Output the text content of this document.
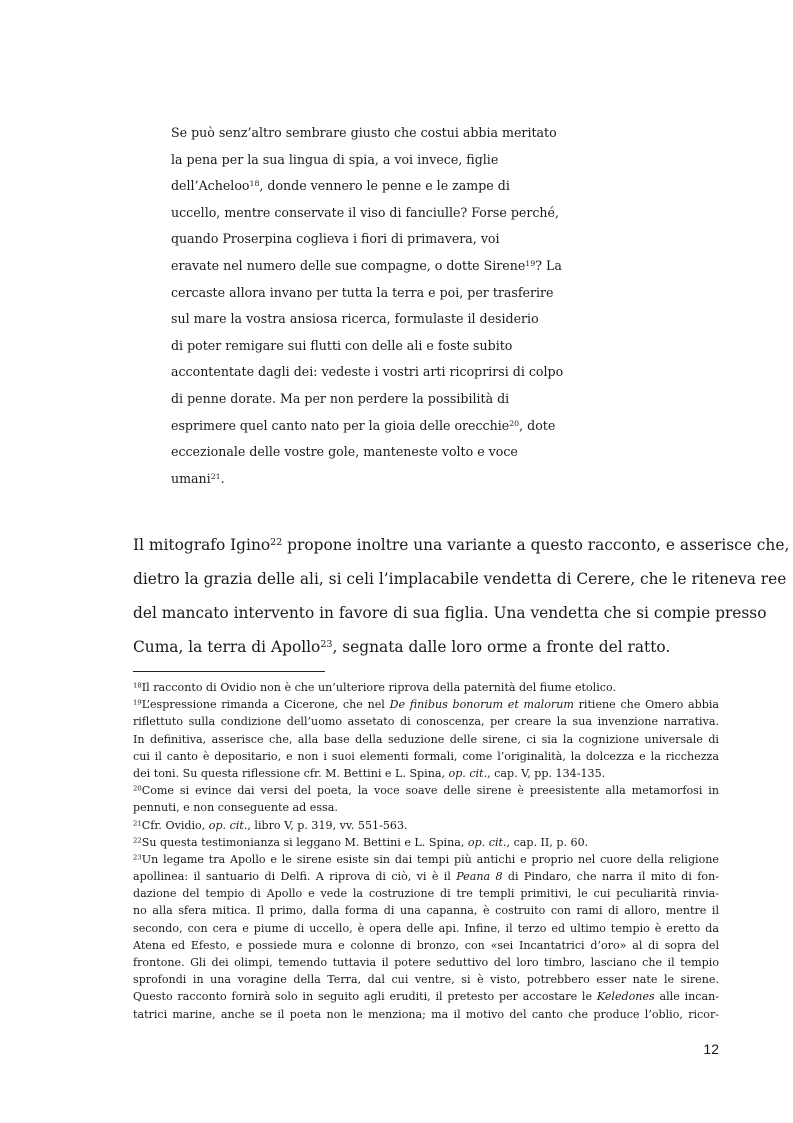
Se può senz’altro sembrare giusto che costui abbia meritato
la pena per la sua lingua di spia, a voi invece, figlie
dell’Acheloo$^{18}$, donde vennero le penne e le zampe di
uccello, mentre conservate il viso di fanciulle? Forse perché,
quando Proserpina coglieva i fiori di primavera, voi
eravate nel numero delle sue compagne, o dotte Sirene$^{19}$? La
cercaste allora invano per tutta la terra e poi, per trasferire
sul mare la vostra ansiosa ricerca, formulaste il desiderio
di poter remigare sui flutti con delle ali e foste subito
accontentate dagli dei: vedeste i vostri arti ricoprirsi di colpo
di penne dorate. Ma per non perdere la possibilità di
esprimere quel canto nato per la gioia delle orecchie$^{20}$, dote
eccezionale delle vostre gole, manteneste volto e voce
umani$^{21}$.
Il mitografo Igino$^{22}$ propone inoltre una variante a questo racconto, e asserisce che,
dietro la grazia delle ali, si celi l’implacabile vendetta di Cerere, che le riteneva ree
del mancato intervento in favore di sua figlia. Una vendetta che si compie presso
Cuma, la terra di Apollo$^{23}$, segnata dalle loro orme a fronte del ratto.
$^{18}$Il racconto di Ovidio non è che un’ulteriore riprova della paternità del fiume etolico.
$^{19}$L’espressione rimanda a Cicerone, che nel De finibus bonorum et malorum ritiene che Omero abbia
riflettuto sulla condizione dell’uomo assetato di conoscenza, per creare la sua invenzione narrativa.
In definitiva, asserisce che, alla base della seduzione delle sirene, ci sia la cognizione universale di
cui il canto è depositario, e non i suoi elementi formali, come l’originalità, la dolcezza e la ricchezza
dei toni. Su questa riflessione cfr. M. Bettini e L. Spina, op. cit., cap. V, pp. 134-135.
$^{20}$Come si evince dai versi del poeta, la voce soave delle sirene è preesistente alla metamorfosi in
pennuti, e non conseguente ad essa.
$^{21}$Cfr. Ovidio, op. cit., libro V, p. 319, vv. 551-563.
$^{22}$Su questa testimonianza si leggano M. Bettini e L. Spina, op. cit., cap. II, p. 60.
$^{23}$Un legame tra Apollo e le sirene esiste sin dai tempi più antichi e proprio nel cuore della religione
apollinea: il santuario di Delfi. A riprova di ciò, vi è il Peana 8 di Pindaro, che narra il mito di fon-
dazione del tempio di Apollo e vede la costruzione di tre templi primitivi, le cui peculiarità rinvia-
no alla sfera mitica. Il primo, dalla forma di una capanna, è costruito con rami di alloro, mentre il
secondo, con cera e piume di uccello, è opera delle api. Infine, il terzo ed ultimo tempio è eretto da
Atena ed Efesto, e possiede mura e colonne di bronzo, con «sei Incantatrici d’oro» al di sopra del
frontone. Gli dei olimpi, temendo tuttavia il potere seduttivo del loro timbro, lasciano che il tempio
sprofondi in una voragine della Terra, dal cui ventre, si è visto, potrebbero esser nate le sirene.
Questo racconto fornirà solo in seguito agli eruditi, il pretesto per accostare le Keledones alle incan-
tatrici marine, anche se il poeta non le menziona; ma il motivo del canto che produce l’oblio, ricor-
12
